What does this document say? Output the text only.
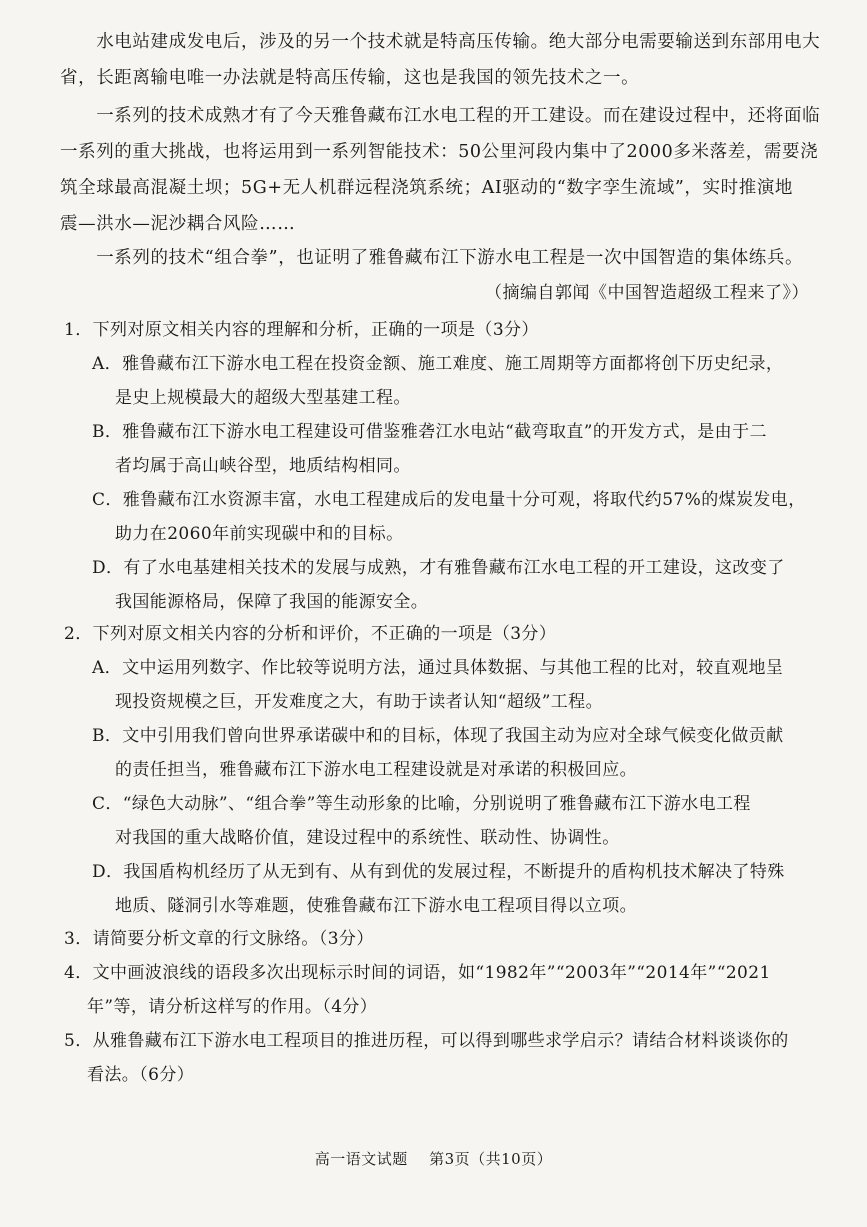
　　水电站建成发电后，涉及的另一个技术就是特高压传输。绝大部分电需要输送到东部用电大
省，长距离输电唯一办法就是特高压传输，这也是我国的领先技术之一。
　　一系列的技术成熟才有了今天雅鲁藏布江水电工程的开工建设。而在建设过程中，还将面临
一系列的重大挑战，也将运用到一系列智能技术：50公里河段内集中了2000多米落差，需要浇
筑全球最高混凝土坝；5G+无人机群远程浇筑系统；AI驱动的“数字孪生流域”，实时推演地
震—洪水—泥沙耦合风险……
　　一系列的技术“组合拳”，也证明了雅鲁藏布江下游水电工程是一次中国智造的集体练兵。
（摘编自郭闻《中国智造超级工程来了》）
1．下列对原文相关内容的理解和分析，正确的一项是（3分）
A．雅鲁藏布江下游水电工程在投资金额、施工难度、施工周期等方面都将创下历史纪录，
是史上规模最大的超级大型基建工程。
B．雅鲁藏布江下游水电工程建设可借鉴雅砻江水电站“截弯取直”的开发方式，是由于二
者均属于高山峡谷型，地质结构相同。
C．雅鲁藏布江水资源丰富，水电工程建成后的发电量十分可观，将取代约57%的煤炭发电，
助力在2060年前实现碳中和的目标。
D．有了水电基建相关技术的发展与成熟，才有雅鲁藏布江水电工程的开工建设，这改变了
我国能源格局，保障了我国的能源安全。
2．下列对原文相关内容的分析和评价，不正确的一项是（3分）
A．文中运用列数字、作比较等说明方法，通过具体数据、与其他工程的比对，较直观地呈
现投资规模之巨，开发难度之大，有助于读者认知“超级”工程。
B．文中引用我们曾向世界承诺碳中和的目标，体现了我国主动为应对全球气候变化做贡献
的责任担当，雅鲁藏布江下游水电工程建设就是对承诺的积极回应。
C．“绿色大动脉”、“组合拳”等生动形象的比喻，分别说明了雅鲁藏布江下游水电工程
对我国的重大战略价值，建设过程中的系统性、联动性、协调性。
D．我国盾构机经历了从无到有、从有到优的发展过程，不断提升的盾构机技术解决了特殊
地质、隧洞引水等难题，使雅鲁藏布江下游水电工程项目得以立项。
3．请简要分析文章的行文脉络。（3分）
4．文中画波浪线的语段多次出现标示时间的词语，如“1982年”“2003年”“2014年”“2021
年”等，请分析这样写的作用。（4分）
5．从雅鲁藏布江下游水电工程项目的推进历程，可以得到哪些求学启示？请结合材料谈谈你的
看法。（6分）
高一语文试题 第3页（共10页）
